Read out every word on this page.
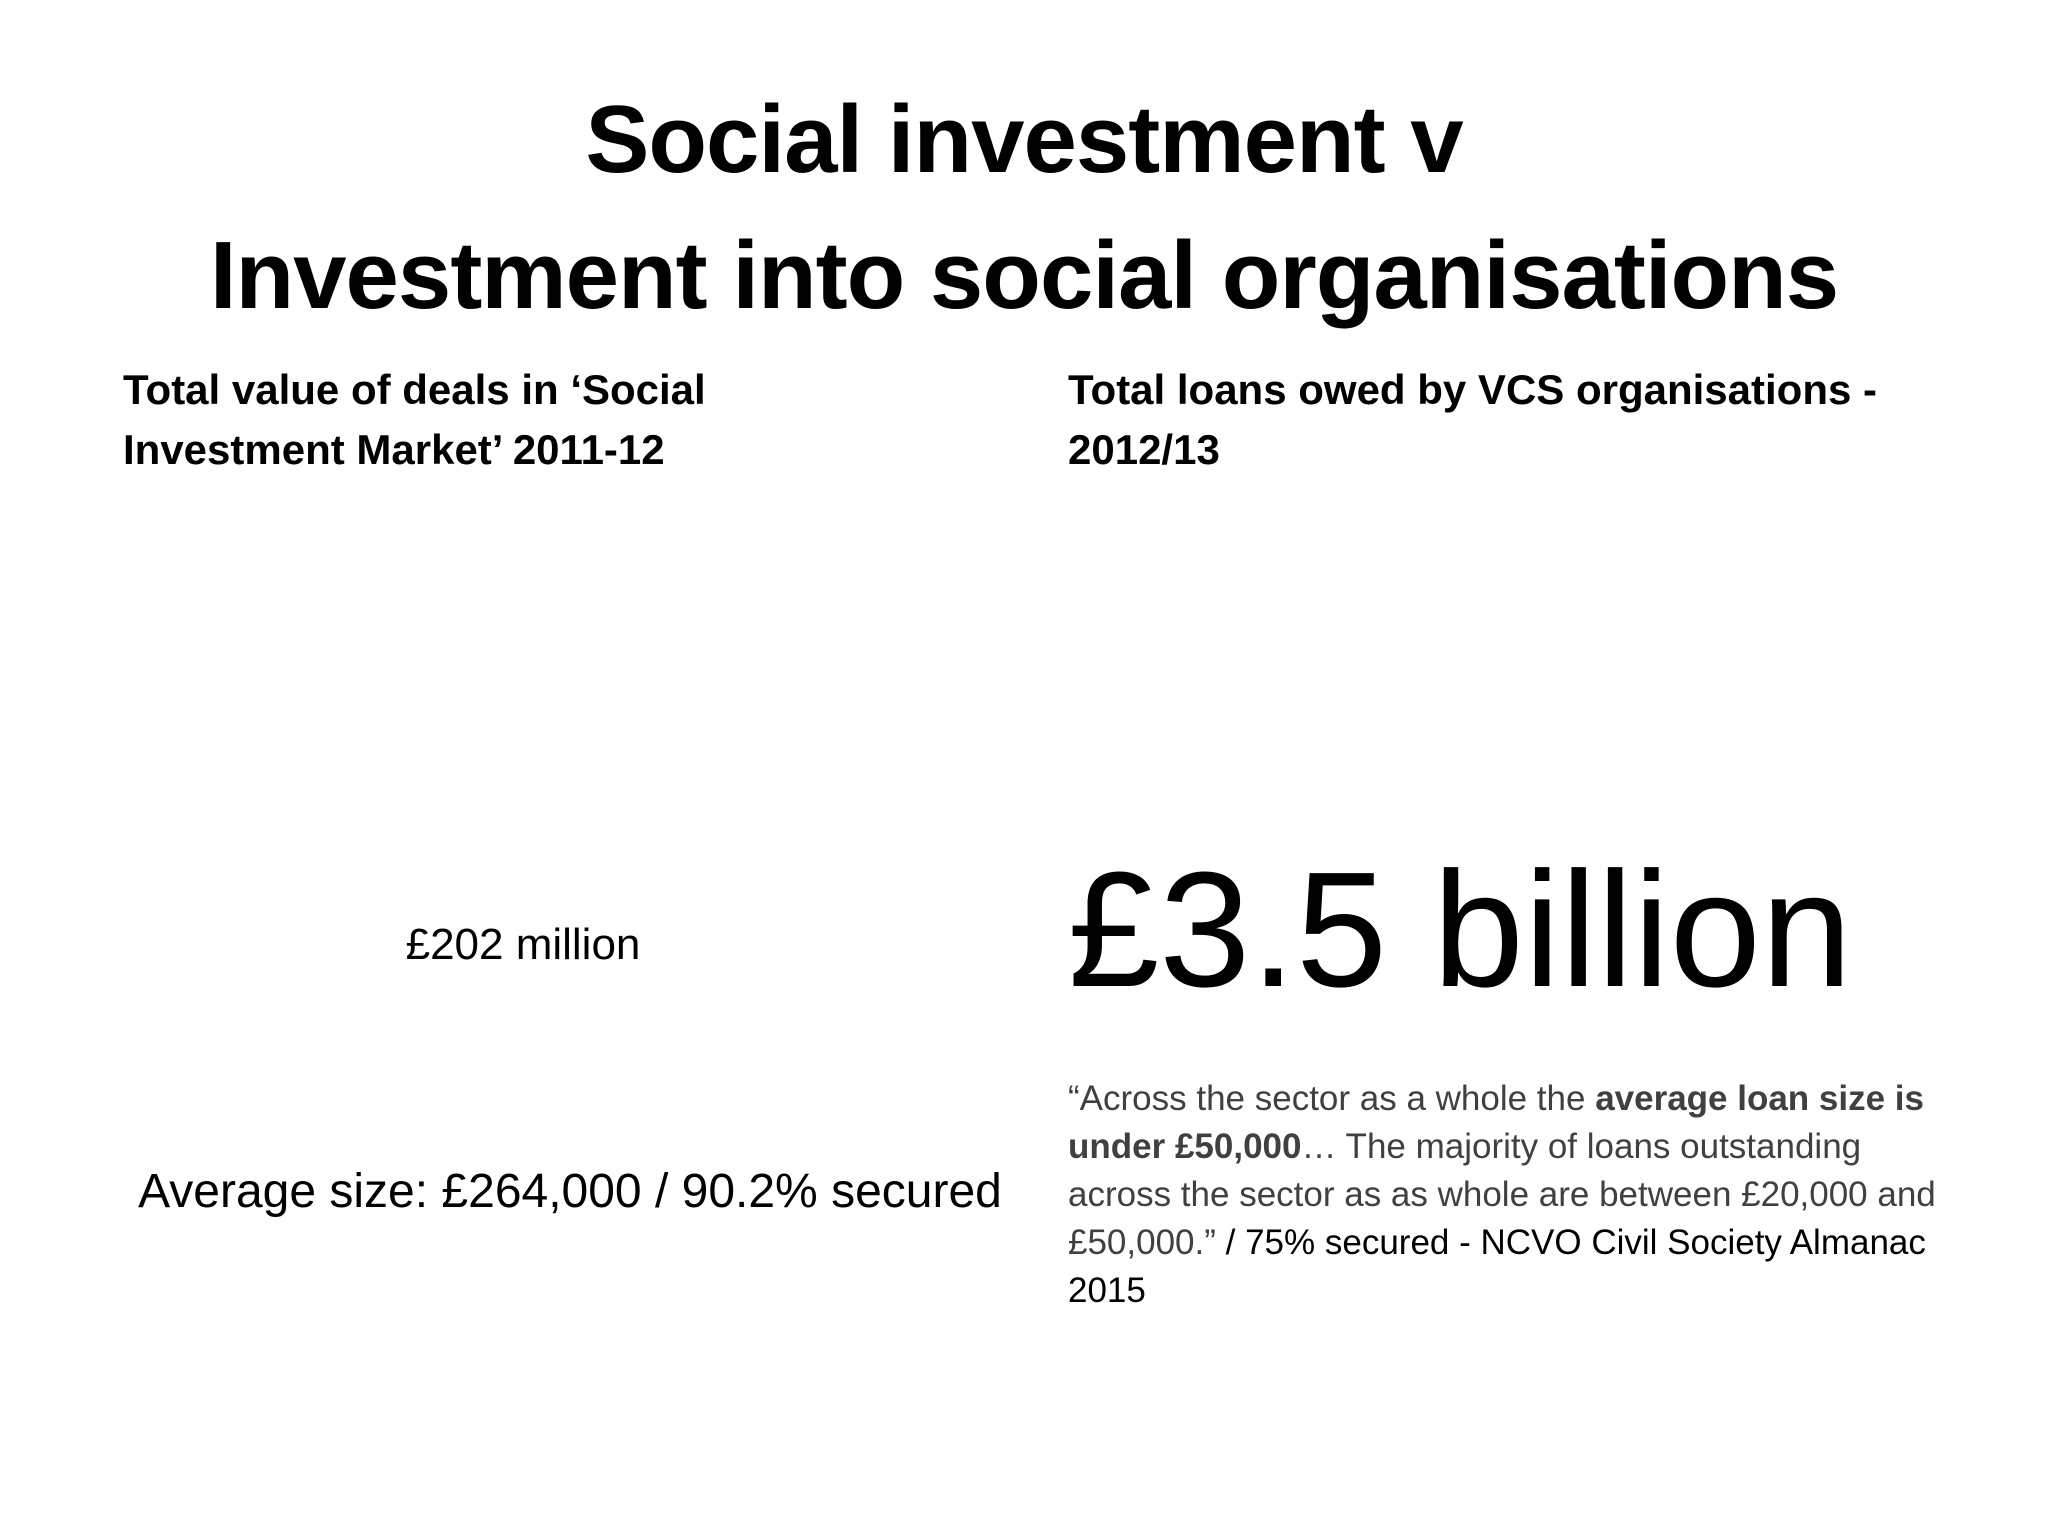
Social investment v
Investment into social organisations
Total value of deals in ‘Social
Investment Market’ 2011-12
Total loans owed by VCS organisations -
2012/13
£202 million
Average size: £264,000 / 90.2% secured
£3.5 billion
“Across the sector as a whole the average loan size is under £50,000… The majority of loans outstanding across the sector as as whole are between £20,000 and £50,000.” / 75% secured - NCVO Civil Society Almanac 2015
